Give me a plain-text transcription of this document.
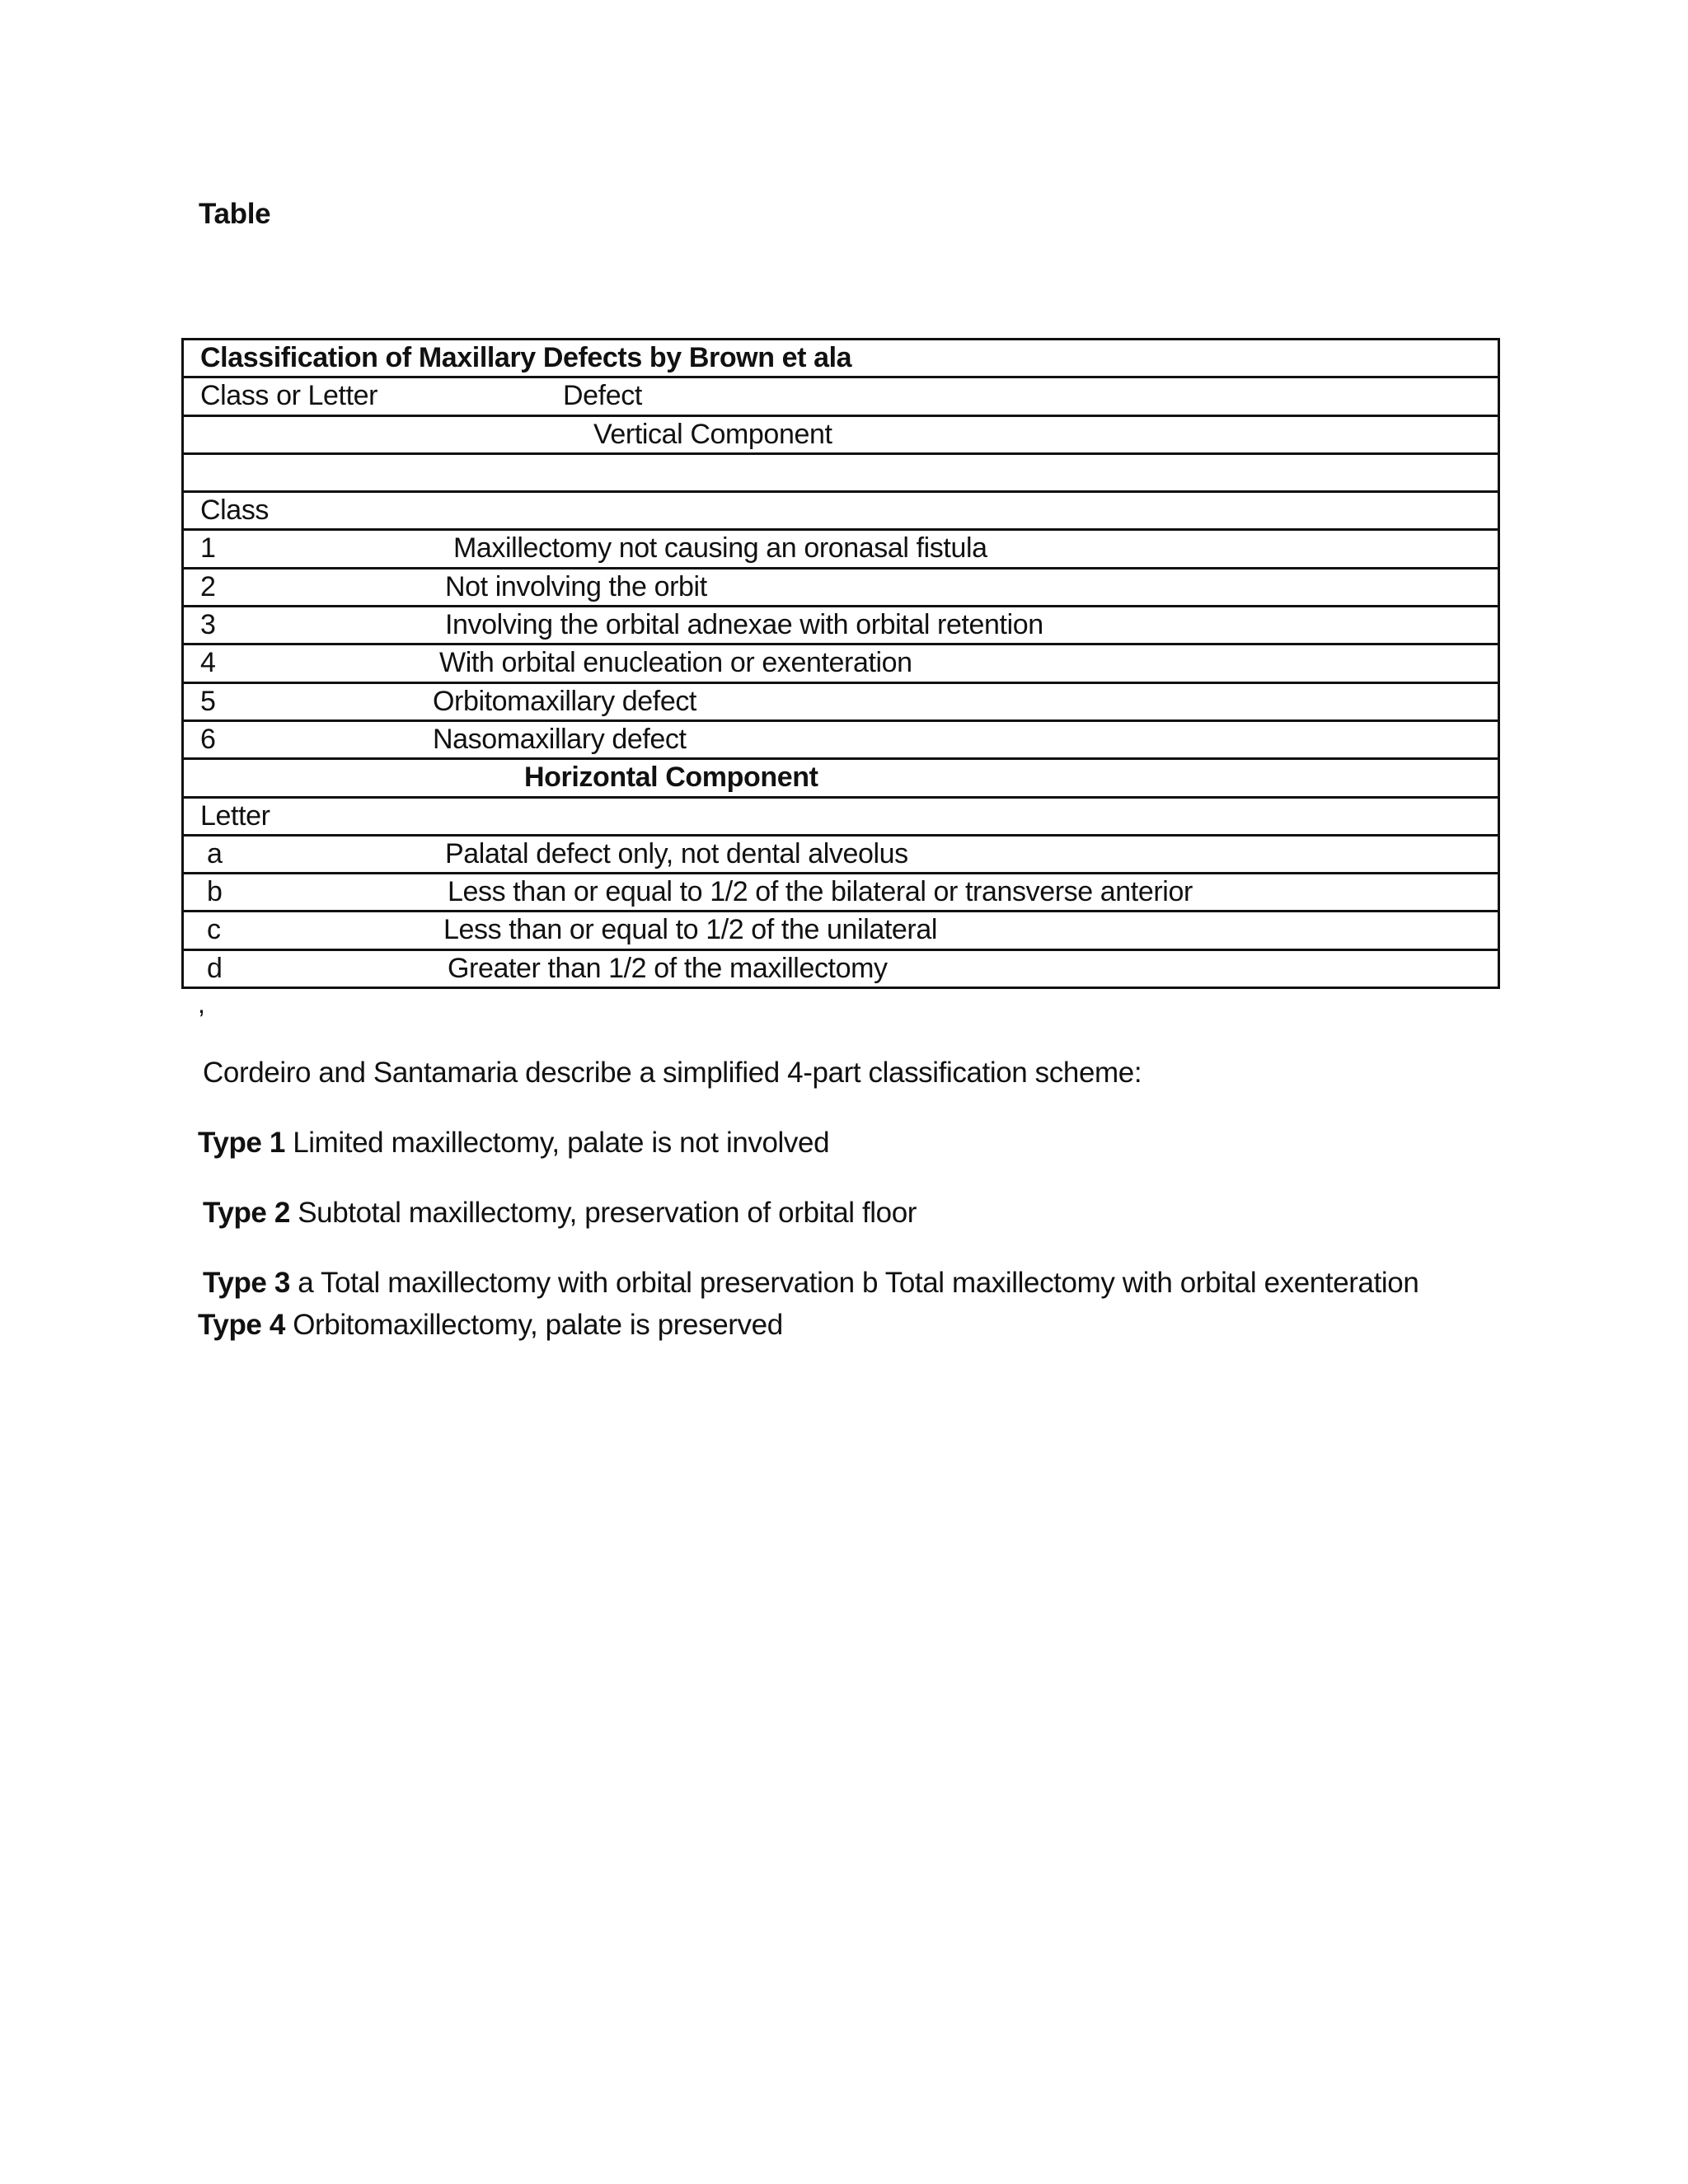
Table
Classification of Maxillary Defects by Brown et ala
Class or Letter	Defect
Vertical Component
Class
1	Maxillectomy not causing an oronasal fistula
2	Not involving the orbit
3	Involving the orbital adnexae with orbital retention
4	With orbital enucleation or exenteration
5	Orbitomaxillary defect
6	Nasomaxillary defect
Horizontal Component
Letter
a	Palatal defect only, not dental alveolus
b	Less than or equal to 1/2 of the bilateral or transverse anterior
c	Less than or equal to 1/2 of the unilateral
d	Greater than 1/2 of the maxillectomy
,
Cordeiro and Santamaria describe a simplified 4-part classification scheme:
Type 1 Limited maxillectomy, palate is not involved
Type 2 Subtotal maxillectomy, preservation of orbital floor
Type 3 a Total maxillectomy with orbital preservation b Total maxillectomy with orbital exenteration
Type 4 Orbitomaxillectomy, palate is preserved
